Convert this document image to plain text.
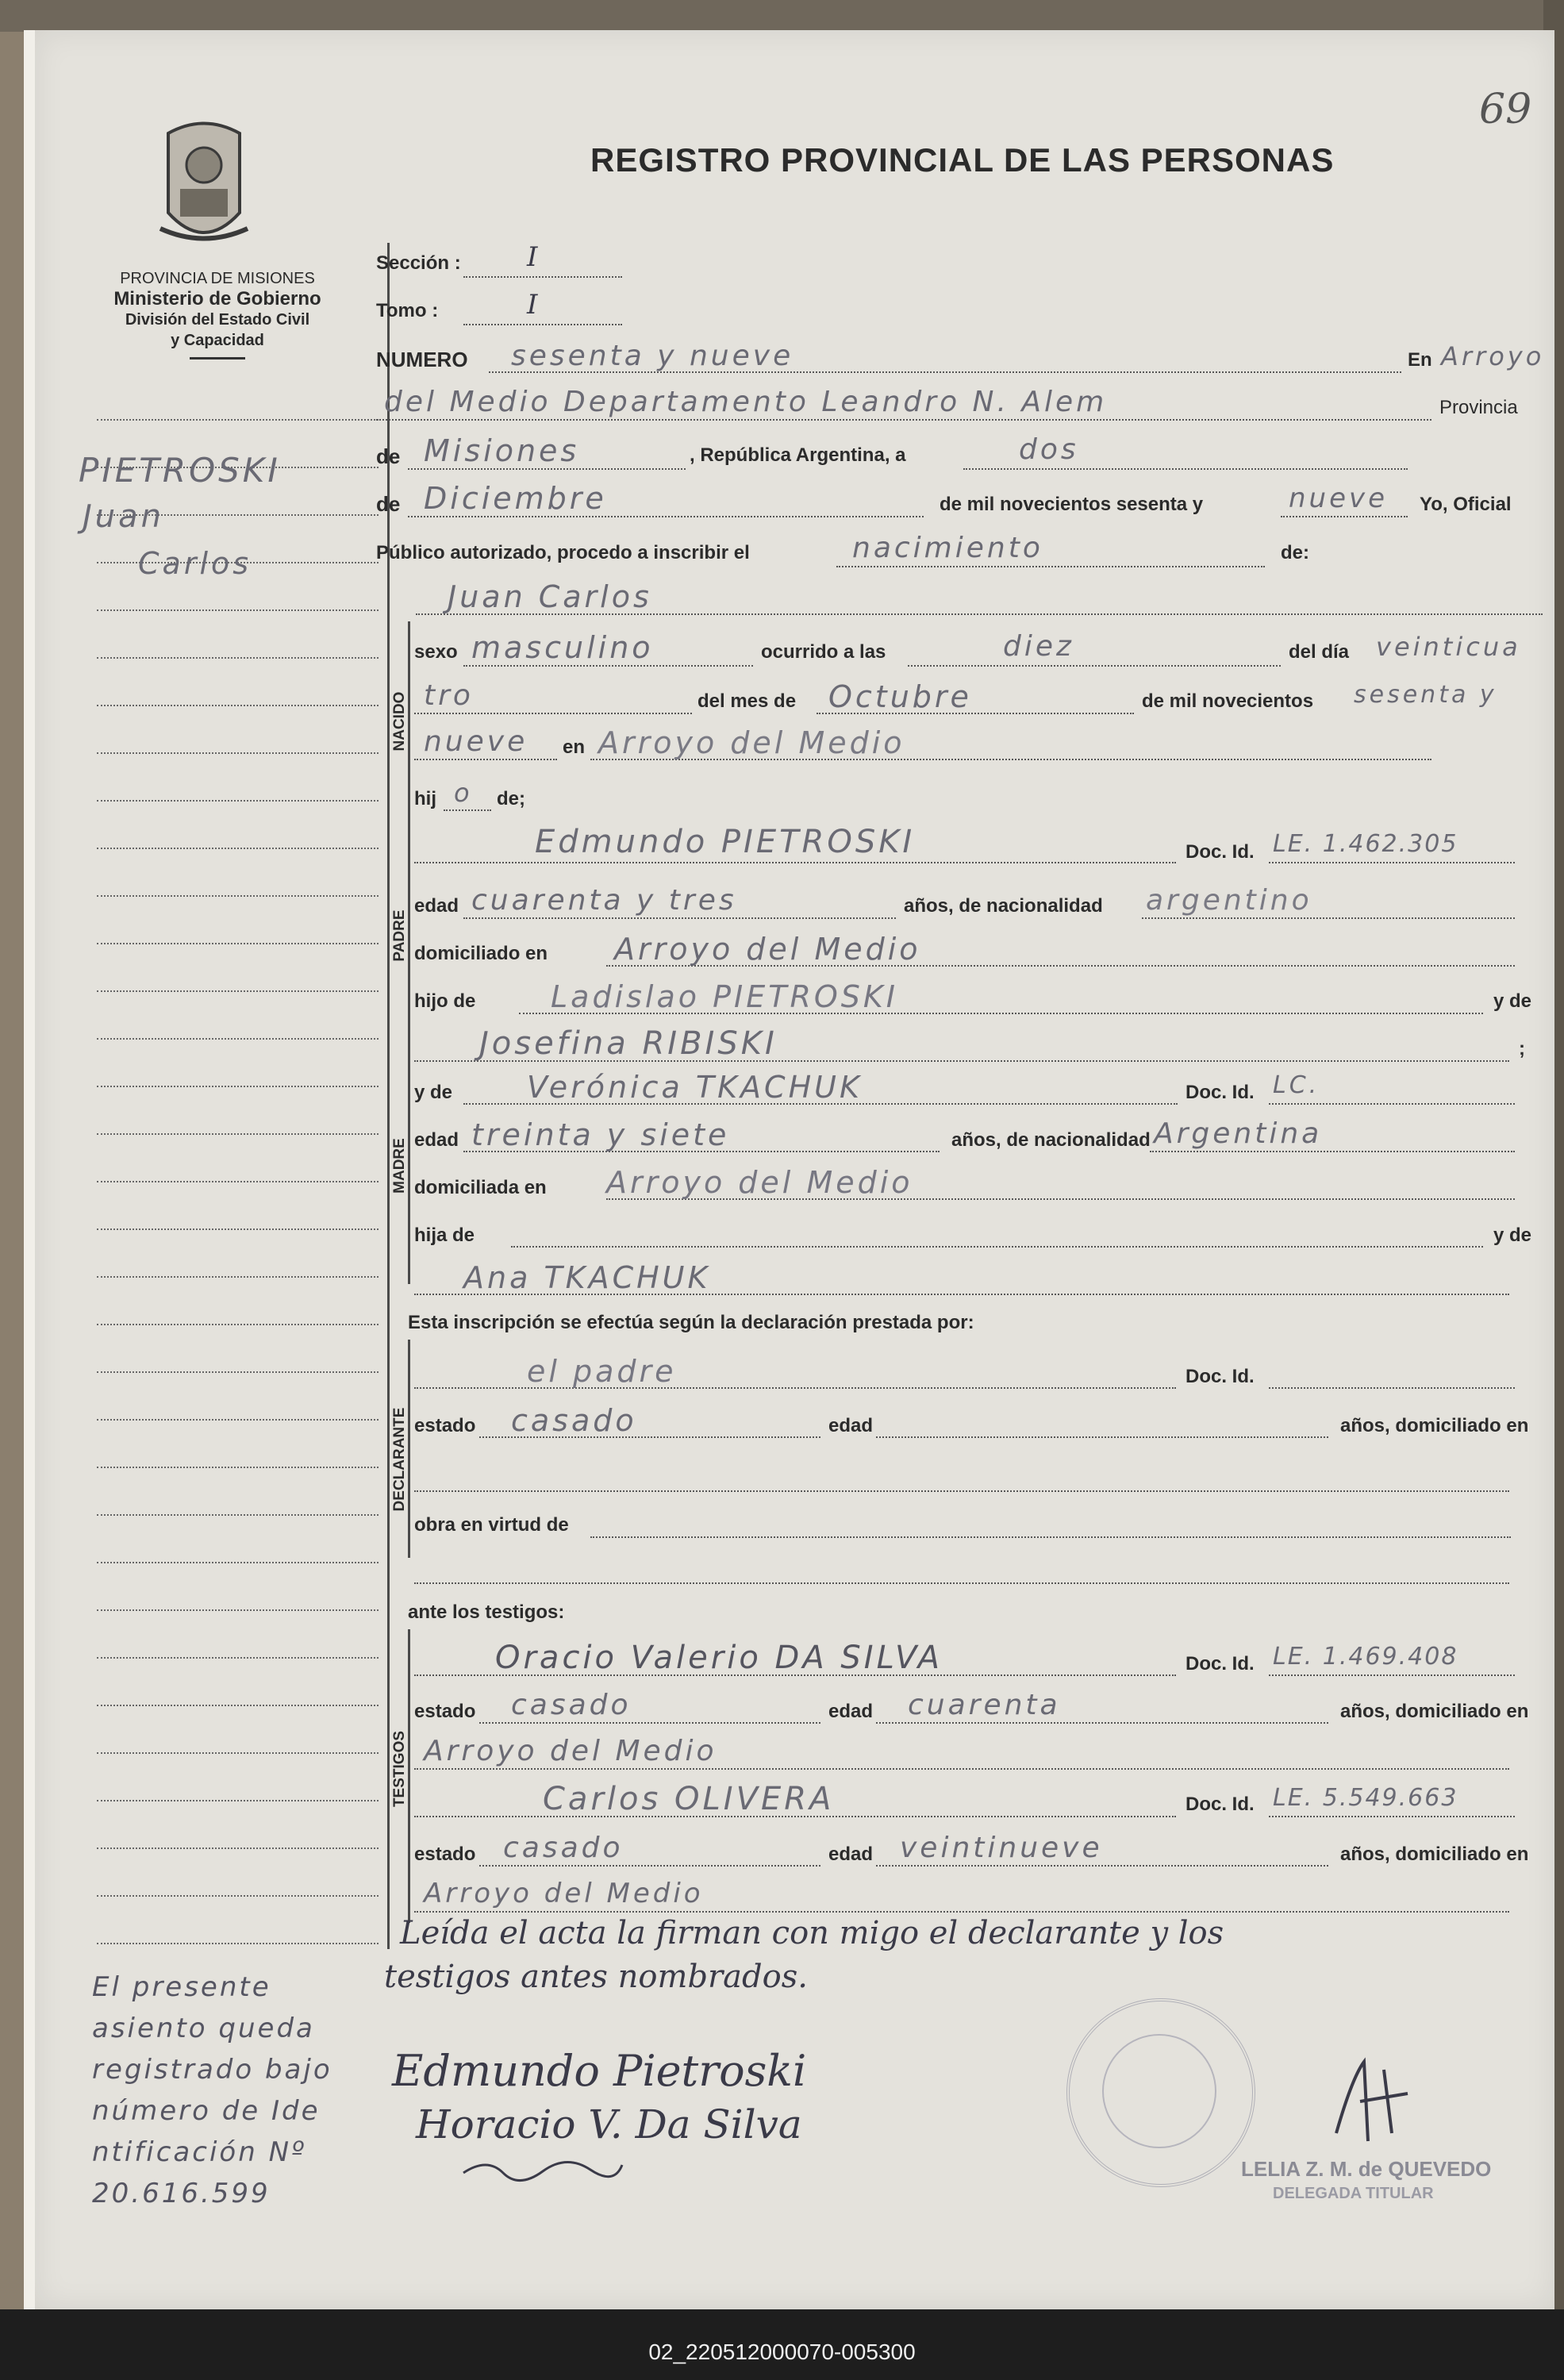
69
PROVINCIA DE MISIONES
Ministerio de Gobierno
División del Estado Civil
y Capacidad
REGISTRO PROVINCIAL DE LAS PERSONAS
PIETROSKI
Juan
Carlos
El presente
asiento queda
registrado bajo
número de Ide
ntificación Nº
20.616.599
Sección : I
Tomo :	I
NUMERO sesenta y nueve	En Arroyo
del Medio Departamento Leandro N. Alem	Provincia
de Misiones	, República Argentina, a	dos
de Diciembre	de mil novecientos sesenta y	nueve Yo, Oficial
Público autorizado, procedo a inscribir el	nacimiento	de:
Juan Carlos
NACIDO
sexo masculino	ocurrido a las	diez	del día veinticua
tro	del mes de Octubre	de mil novecientos sesenta y
nueve en Arroyo del Medio
hij o de;
PADRE
Edmundo PIETROSKI	Doc. Id. LE. 1.462.305
edad cuarenta y tres	años, de nacionalidad argentino
domiciliado en Arroyo del Medio
hijo de Ladislao PIETROSKI	y de
Josefina RIBISKI	;
MADRE
y de Verónica TKACHUK	Doc. Id. LC.
edad treinta y siete	años, de nacionalidad Argentina
domiciliada en Arroyo del Medio
hija de	y de
Ana TKACHUK
Esta inscripción se efectúa según la declaración prestada por:
DECLARANTE
el padre	Doc. Id.
estado casado	edad	años, domiciliado en
obra en virtud de
ante los testigos:
TESTIGOS
Oracio Valerio DA SILVA	Doc. Id. LE. 1.469.408
estado casado	edad cuarenta	años, domiciliado en
Arroyo del Medio
Carlos OLIVERA	Doc. Id. LE. 5.549.663
estado casado	edad veintinueve	años, domiciliado en
Arroyo del Medio
Leída el acta la firman con migo el declarante y los
testigos antes nombrados.
Edmundo Pietroski
Horacio V. Da Silva
LELIA Z. M. de QUEVEDO
DELEGADA TITULAR
02_220512000070-005300
